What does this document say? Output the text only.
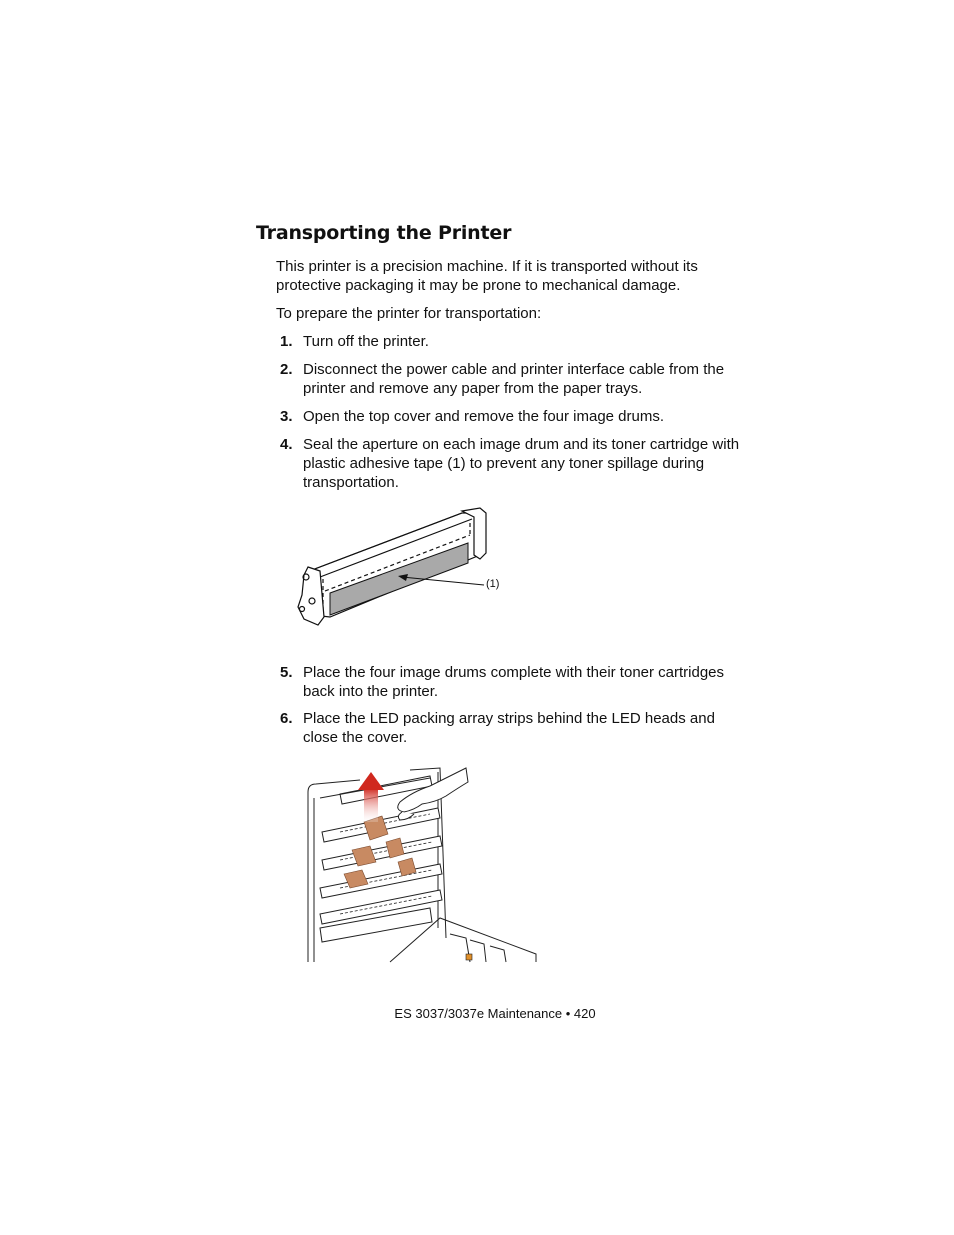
Transporting the Printer

This printer is a precision machine. If it is transported without its protective packaging it may be prone to mechanical damage.

To prepare the printer for transportation:

1. Turn off the printer.
2. Disconnect the power cable and printer interface cable from the printer and remove any paper from the paper trays.
3. Open the top cover and remove the four image drums.
4. Seal the aperture on each image drum and its toner cartridge with plastic adhesive tape (1) to prevent any toner spillage during transportation.
(1)
5. Place the four image drums complete with their toner cartridges back into the printer.
6. Place the LED packing array strips behind the LED heads and close the cover.
ES 3037/3037e Maintenance • 420
